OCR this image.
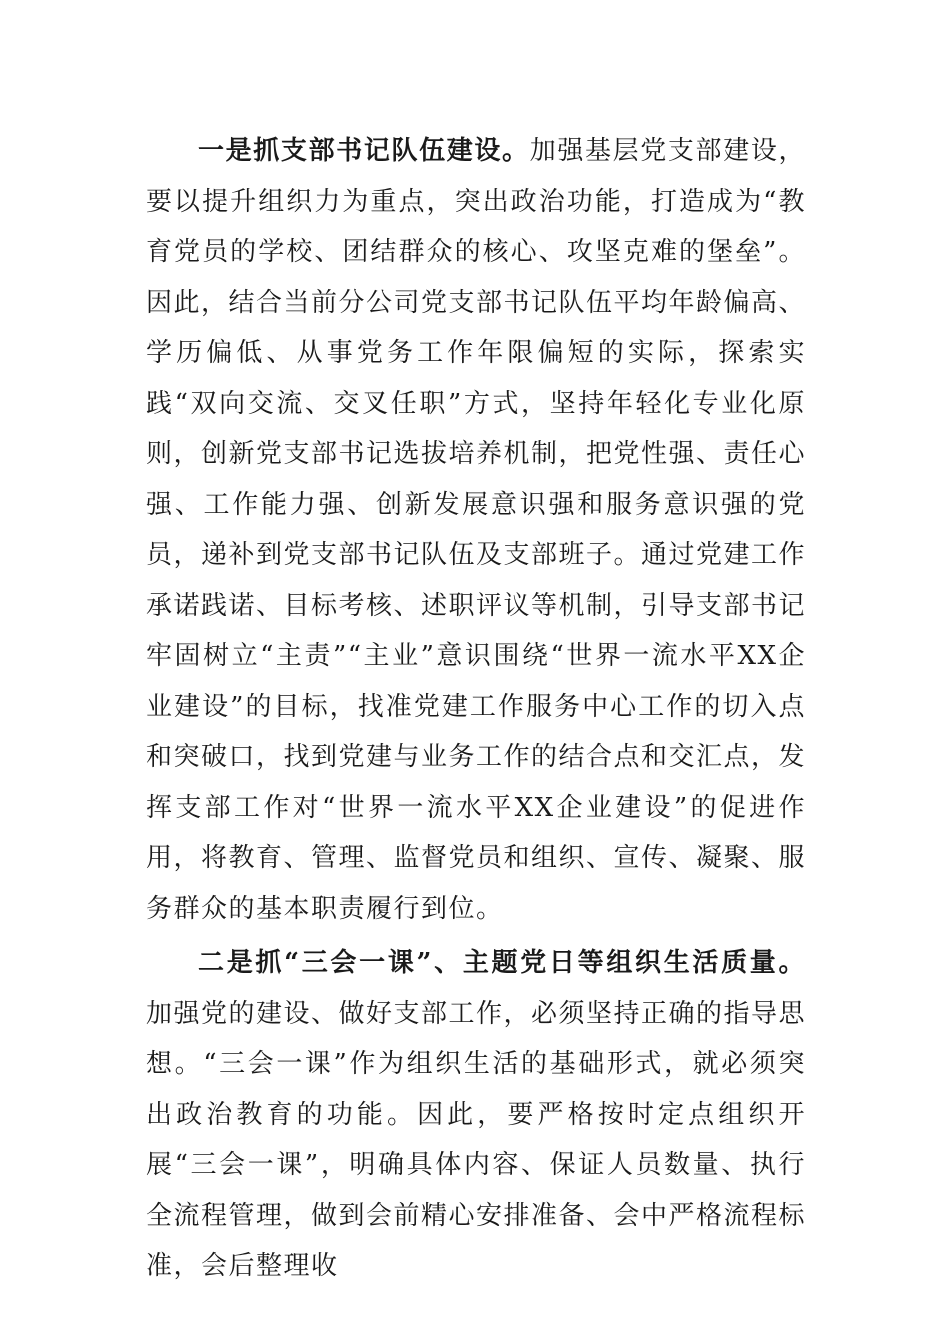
一是抓支部书记队伍建设。加强基层党支部建设，要以提升组织力为重点，突出政治功能，打造成为“教育党员的学校、团结群众的核心、攻坚克难的堡垒”。因此，结合当前分公司党支部书记队伍平均年龄偏高、学历偏低、从事党务工作年限偏短的实际，探索实践“双向交流、交叉任职”方式，坚持年轻化专业化原则，创新党支部书记选拔培养机制，把党性强、责任心强、工作能力强、创新发展意识强和服务意识强的党员，递补到党支部书记队伍及支部班子。通过党建工作承诺践诺、目标考核、述职评议等机制，引导支部书记牢固树立“主责”“主业”意识围绕“世界一流水平XX企业建设”的目标，找准党建工作服务中心工作的切入点和突破口，找到党建与业务工作的结合点和交汇点，发挥支部工作对“世界一流水平XX企业建设”的促进作用，将教育、管理、监督党员和组织、宣传、凝聚、服务群众的基本职责履行到位。

二是抓“三会一课”、主题党日等组织生活质量。加强党的建设、做好支部工作，必须坚持正确的指导思想。“三会一课”作为组织生活的基础形式，就必须突出政治教育的功能。因此，要严格按时定点组织开展“三会一课”，明确具体内容、保证人员数量、执行全流程管理，做到会前精心安排准备、会中严格流程标准，会后整理收
